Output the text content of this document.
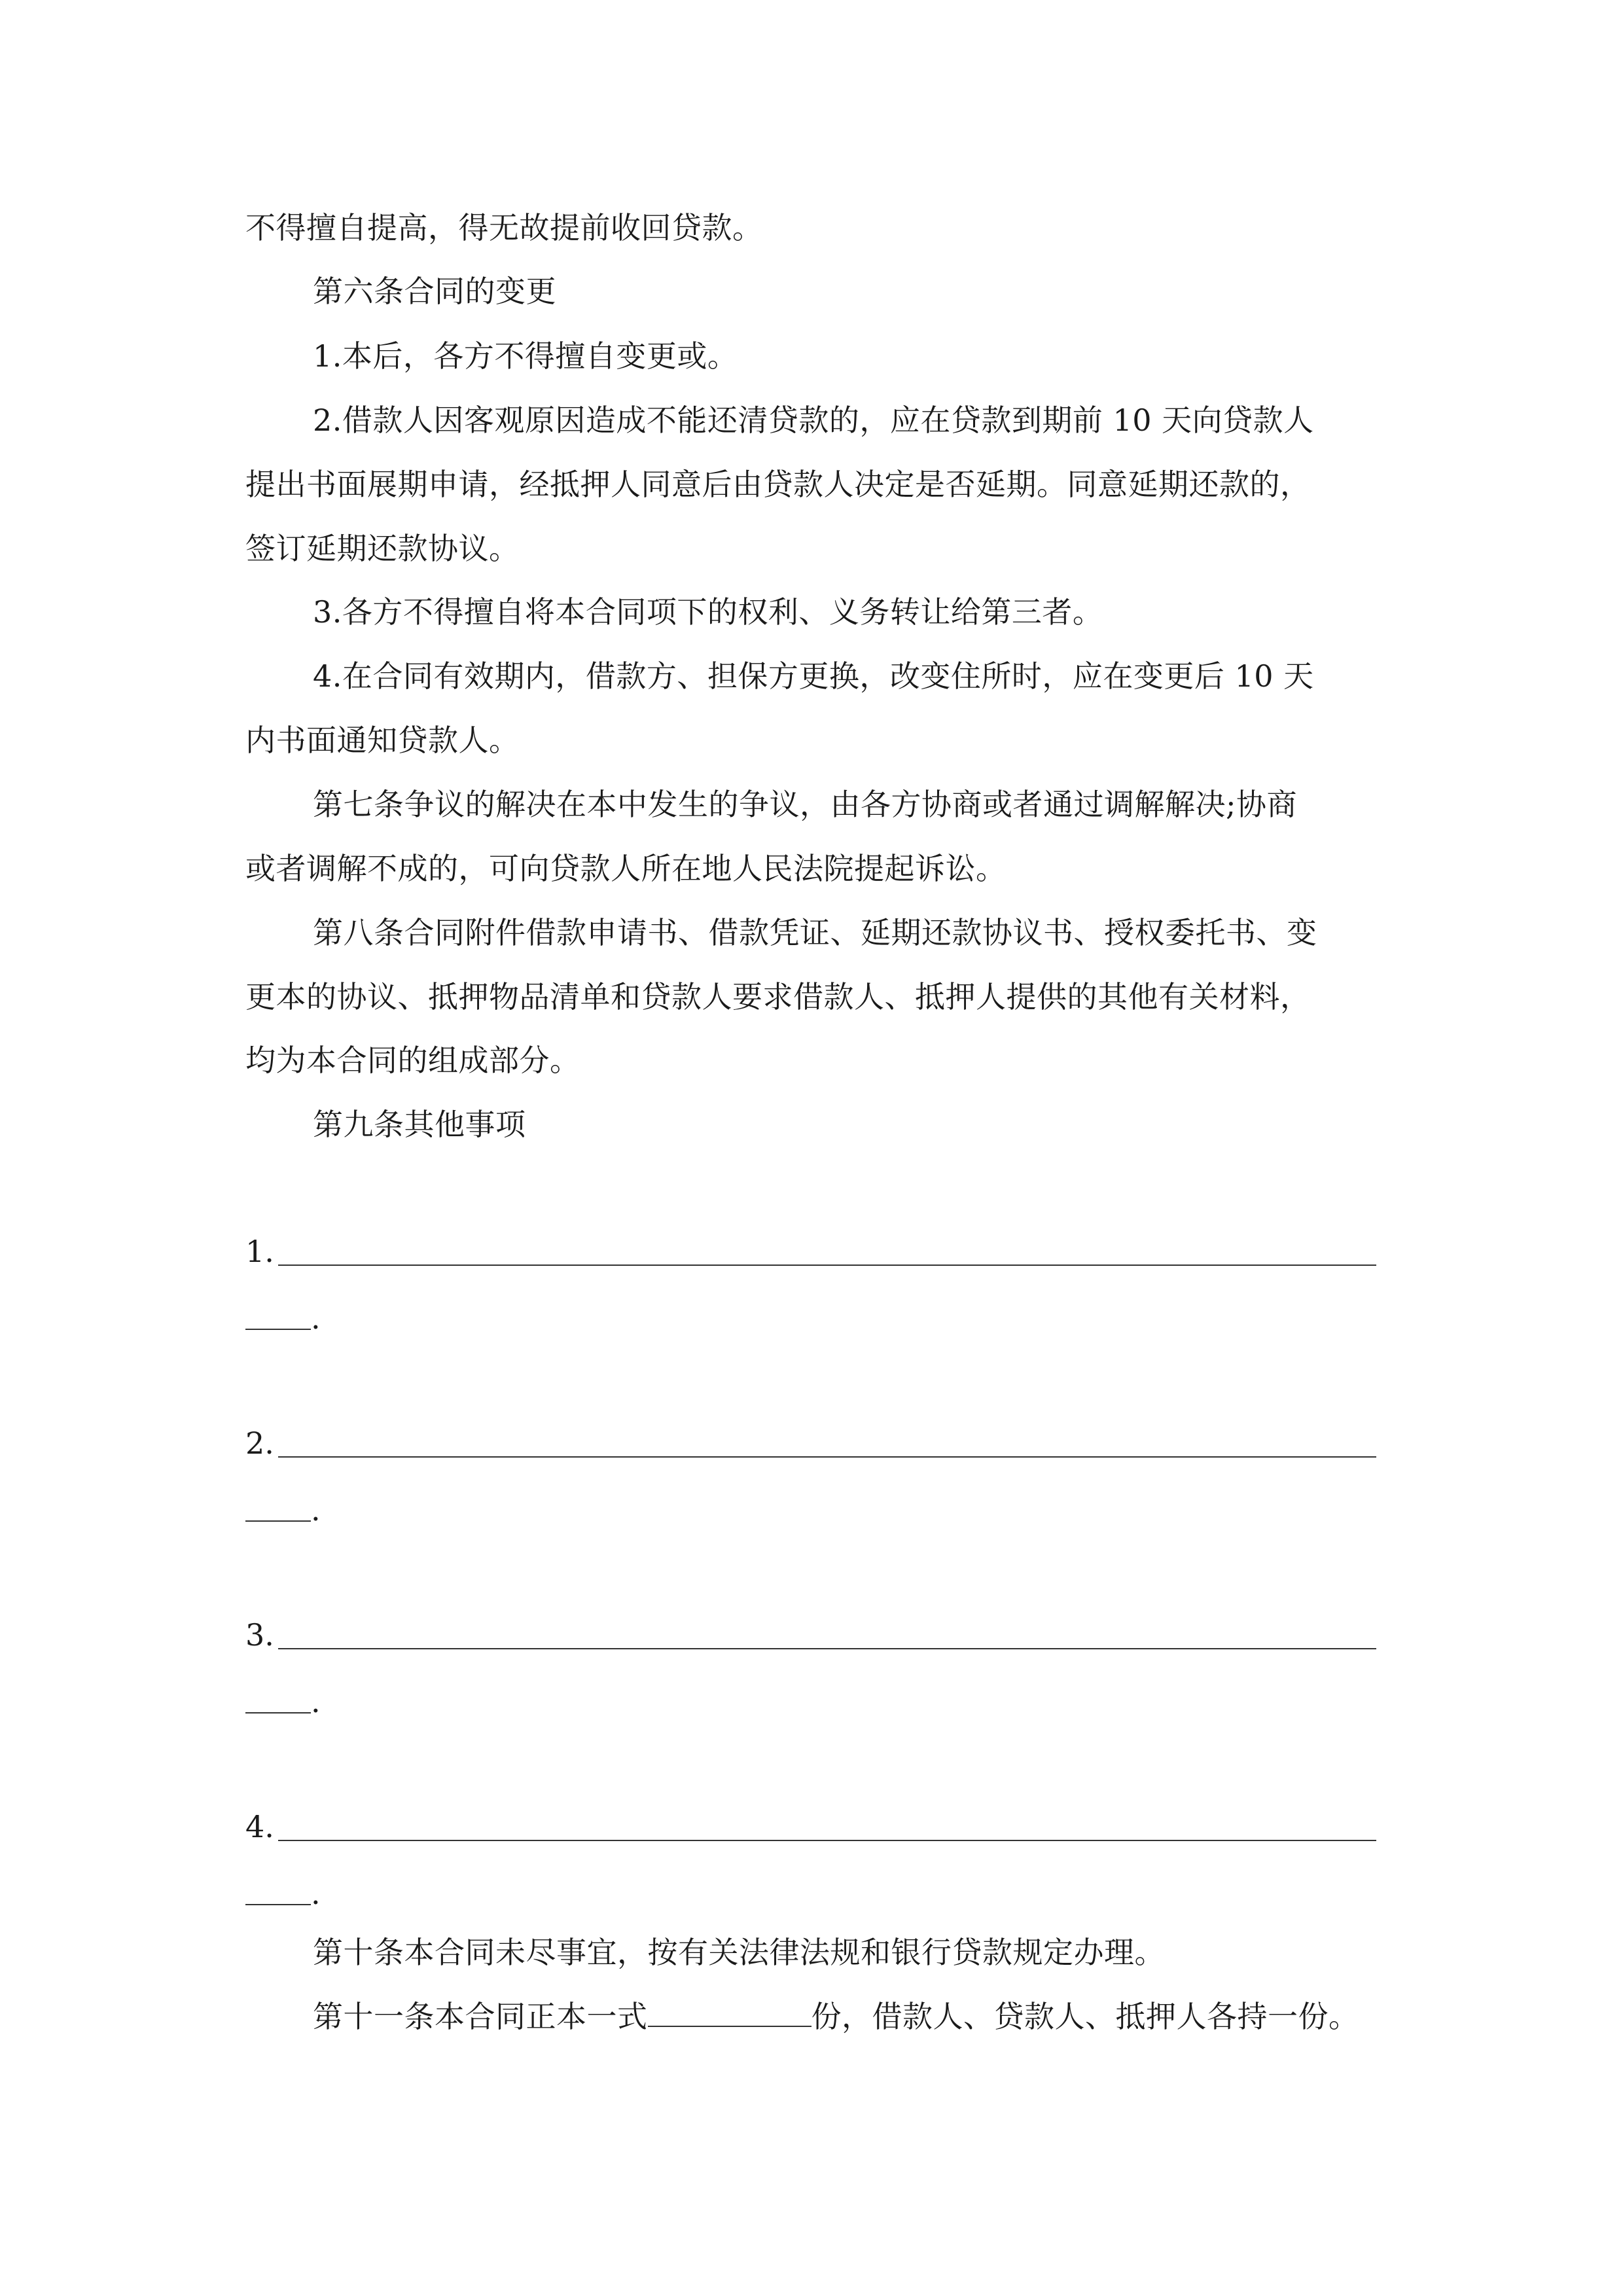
不得擅自提高，得无故提前收回贷款。
第六条合同的变更
1.本后，各方不得擅自变更或。
2.借款人因客观原因造成不能还清贷款的，应在贷款到期前 10 天向贷款人
提出书面展期申请，经抵押人同意后由贷款人决定是否延期。同意延期还款的，
签订延期还款协议。
3.各方不得擅自将本合同项下的权利、义务转让给第三者。
4.在合同有效期内，借款方、担保方更换，改变住所时，应在变更后 10 天
内书面通知贷款人。
第七条争议的解决在本中发生的争议，由各方协商或者通过调解解决;协商
或者调解不成的，可向贷款人所在地人民法院提起诉讼。
第八条合同附件借款申请书、借款凭证、延期还款协议书、授权委托书、变
更本的协议、抵押物品清单和贷款人要求借款人、抵押人提供的其他有关材料，
均为本合同的组成部分。
第九条其他事项
1.
.
2.
.
3.
.
4.
.
第十条本合同未尽事宜，按有关法律法规和银行贷款规定办理。
第十一条本合同正本一式	份，借款人、贷款人、抵押人各持一份。
